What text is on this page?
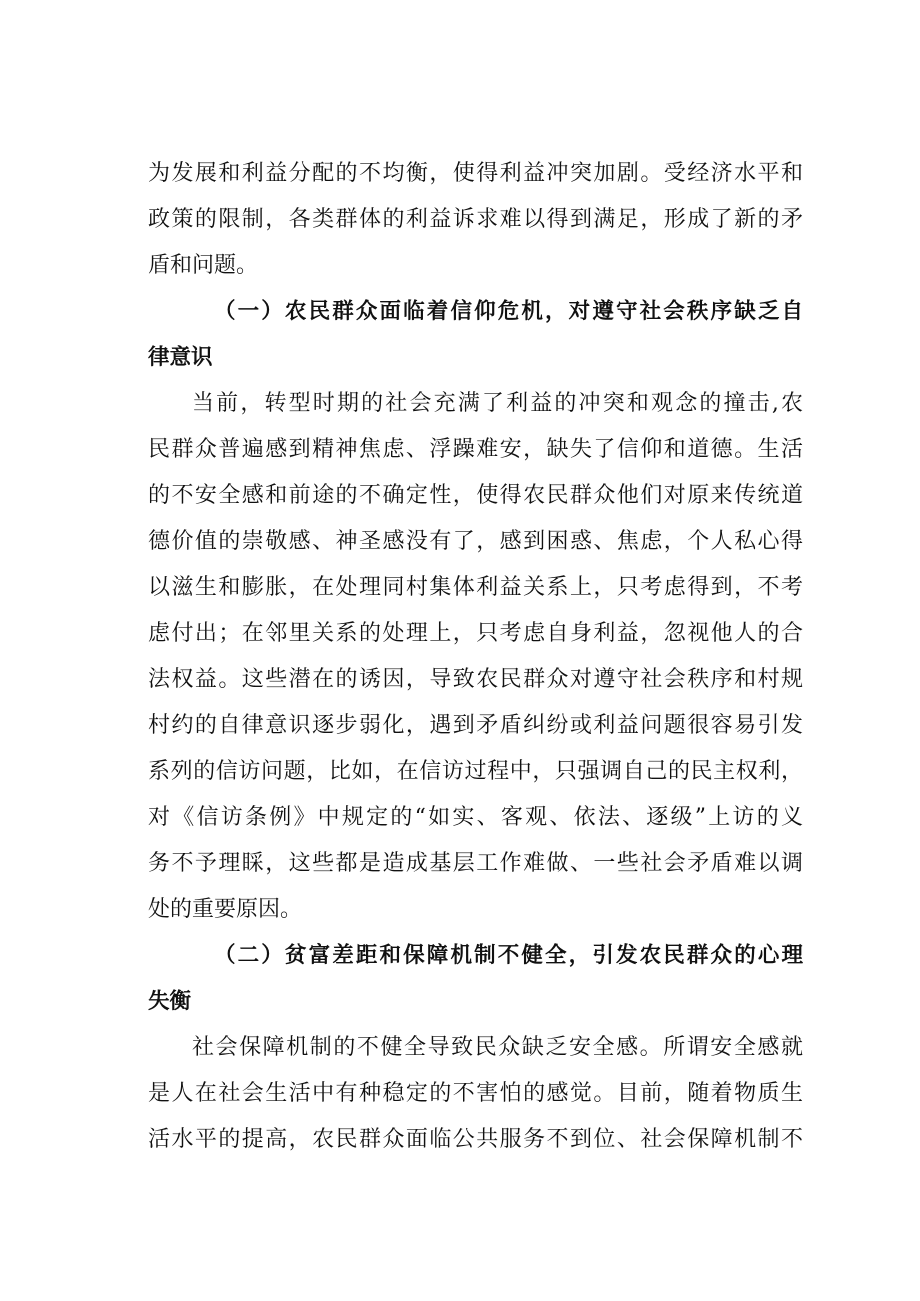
为发展和利益分配的不均衡，使得利益冲突加剧。受经济水平和
政策的限制，各类群体的利益诉求难以得到满足，形成了新的矛
盾和问题。
（一）农民群众面临着信仰危机，对遵守社会秩序缺乏自
律意识
当前，转型时期的社会充满了利益的冲突和观念的撞击,农
民群众普遍感到精神焦虑、浮躁难安，缺失了信仰和道德。生活
的不安全感和前途的不确定性，使得农民群众他们对原来传统道
德价值的崇敬感、神圣感没有了，感到困惑、焦虑，个人私心得
以滋生和膨胀，在处理同村集体利益关系上，只考虑得到，不考
虑付出；在邻里关系的处理上，只考虑自身利益，忽视他人的合
法权益。这些潜在的诱因，导致农民群众对遵守社会秩序和村规
村约的自律意识逐步弱化，遇到矛盾纠纷或利益问题很容易引发
系列的信访问题，比如，在信访过程中，只强调自己的民主权利，
对《信访条例》中规定的“如实、客观、依法、逐级”上访的义
务不予理睬，这些都是造成基层工作难做、一些社会矛盾难以调
处的重要原因。
（二）贫富差距和保障机制不健全，引发农民群众的心理
失衡
社会保障机制的不健全导致民众缺乏安全感。所谓安全感就
是人在社会生活中有种稳定的不害怕的感觉。目前，随着物质生
活水平的提高，农民群众面临公共服务不到位、社会保障机制不
